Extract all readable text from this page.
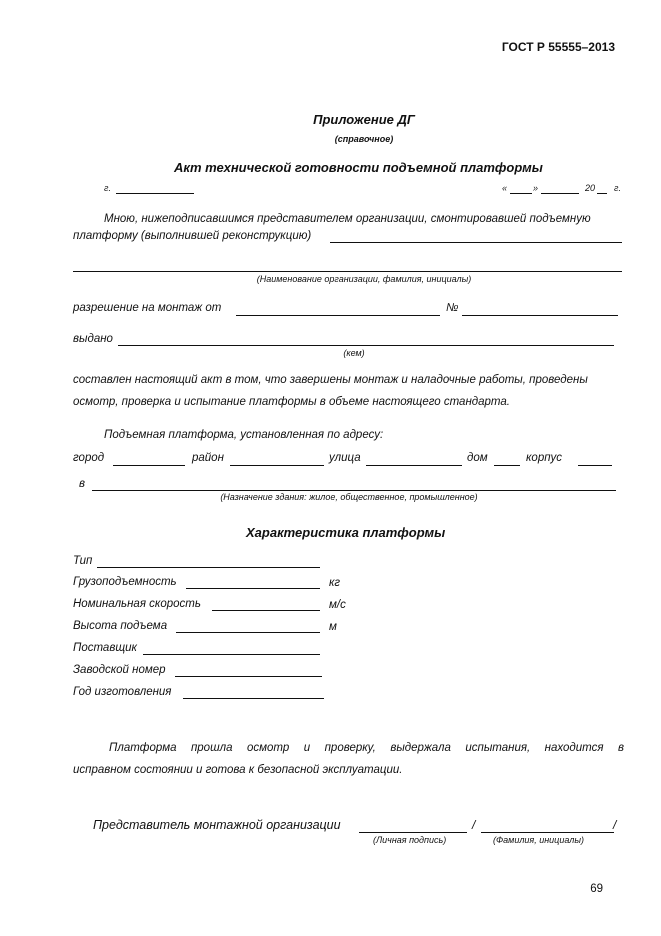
ГОСТ Р 55555–2013
Приложение ДГ
(справочное)
Акт технической готовности подъемной платформы
г.	«	»	20 г.
Мною, нижеподписавшимся представителем организации, смонтировавшей подъемную
платформу (выполнившей реконструкцию)
(Наименование организации, фамилия, инициалы)
разрешение на монтаж от	№
выдано
(кем)
составлен настоящий акт в том, что завершены монтаж и наладочные работы, проведены
осмотр, проверка и испытание платформы в объеме настоящего стандарта.
Подъемная платформа, установленная по адресу:
город	район	улица	дом	корпус
в
(Назначение здания: жилое, общественное, промышленное)
Характеристика платформы
Тип
Грузоподъемность	кг
Номинальная скорость	м/с
Высота подъема	м
Поставщик
Заводской номер
Год изготовления
Платформа прошла осмотр и проверку, выдержала испытания, находится в
исправном состоянии и готова к безопасной эксплуатации.
Представитель монтажной организации	/	/
(Личная подпись)	(Фамилия, инициалы)
69
